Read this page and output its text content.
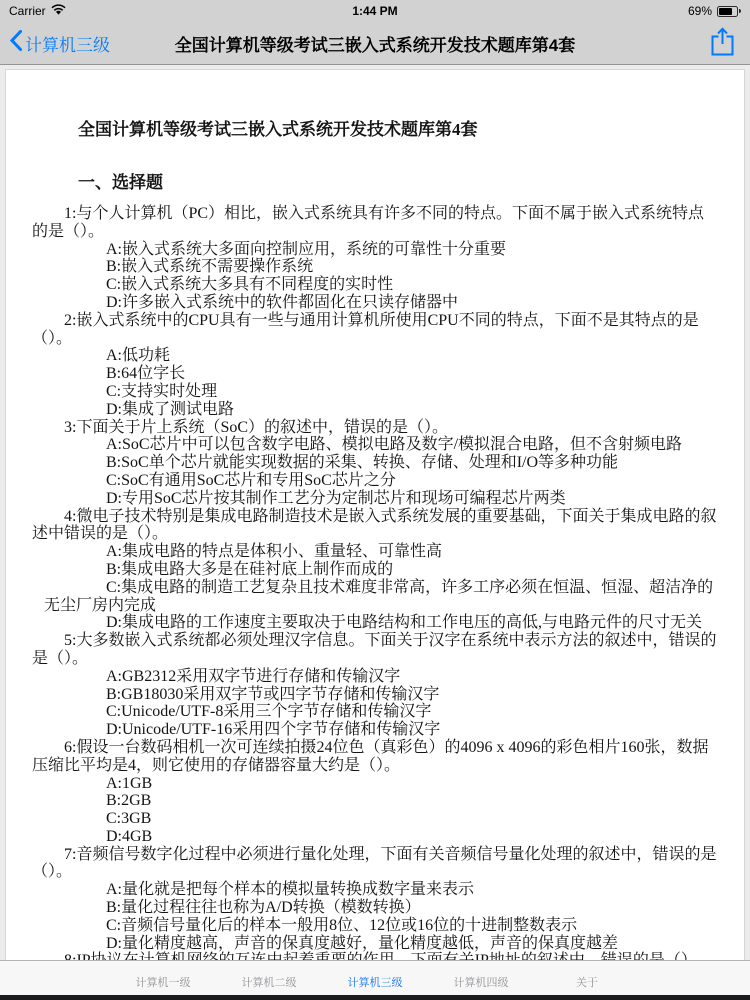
Carrier	1:44 PM	69%
计算机三级	全国计算机等级考试三嵌入式系统开发技术题库第4套

全国计算机等级考试三嵌入式系统开发技术题库第4套

一、选择题

1:与个人计算机（PC）相比，嵌入式系统具有许多不同的特点。下面不属于嵌入式系统特点的是（）。

A:嵌入式系统大多面向控制应用，系统的可靠性十分重要

B:嵌入式系统不需要操作系统

C:嵌入式系统大多具有不同程度的实时性

D:许多嵌入式系统中的软件都固化在只读存储器中

2:嵌入式系统中的CPU具有一些与通用计算机所使用CPU不同的特点，下面不是其特点的是（）。

A:低功耗

B:64位字长

C:支持实时处理

D:集成了测试电路

3:下面关于片上系统（SoC）的叙述中，错误的是（）。

A:SoC芯片中可以包含数字电路、模拟电路及数字/模拟混合电路，但不含射频电路

B:SoC单个芯片就能实现数据的采集、转换、存储、处理和I/O等多种功能

C:SoC有通用SoC芯片和专用SoC芯片之分

D:专用SoC芯片按其制作工艺分为定制芯片和现场可编程芯片两类

4:微电子技术特别是集成电路制造技术是嵌入式系统发展的重要基础，下面关于集成电路的叙述中错误的是（）。

A:集成电路的特点是体积小、重量轻、可靠性高

B:集成电路大多是在硅衬底上制作而成的

C:集成电路的制造工艺复杂且技术难度非常高，许多工序必须在恒温、恒湿、超洁净的无尘厂房内完成

D:集成电路的工作速度主要取决于电路结构和工作电压的高低,与电路元件的尺寸无关

5:大多数嵌入式系统都必须处理汉字信息。下面关于汉字在系统中表示方法的叙述中，错误的是（）。

A:GB2312采用双字节进行存储和传输汉字

B:GB18030采用双字节或四字节存储和传输汉字

C:Unicode/UTF-8采用三个字节存储和传输汉字

D:Unicode/UTF-16采用四个字节存储和传输汉字

6:假设一台数码相机一次可连续拍摄24位色（真彩色）的4096 x 4096的彩色相片160张，数据压缩比平均是4，则它使用的存储器容量大约是（）。

A:1GB

B:2GB

C:3GB

D:4GB

7:音频信号数字化过程中必须进行量化处理，下面有关音频信号量化处理的叙述中，错误的是（）。

A:量化就是把每个样本的模拟量转换成数字量来表示

B:量化过程往往也称为A/D转换（模数转换）

C:音频信号量化后的样本一般用8位、12位或16位的十进制整数表示

D:量化精度越高，声音的保真度越好，量化精度越低，声音的保真度越差

计算机一级	计算机二级	计算机三级	计算机四级	关于
